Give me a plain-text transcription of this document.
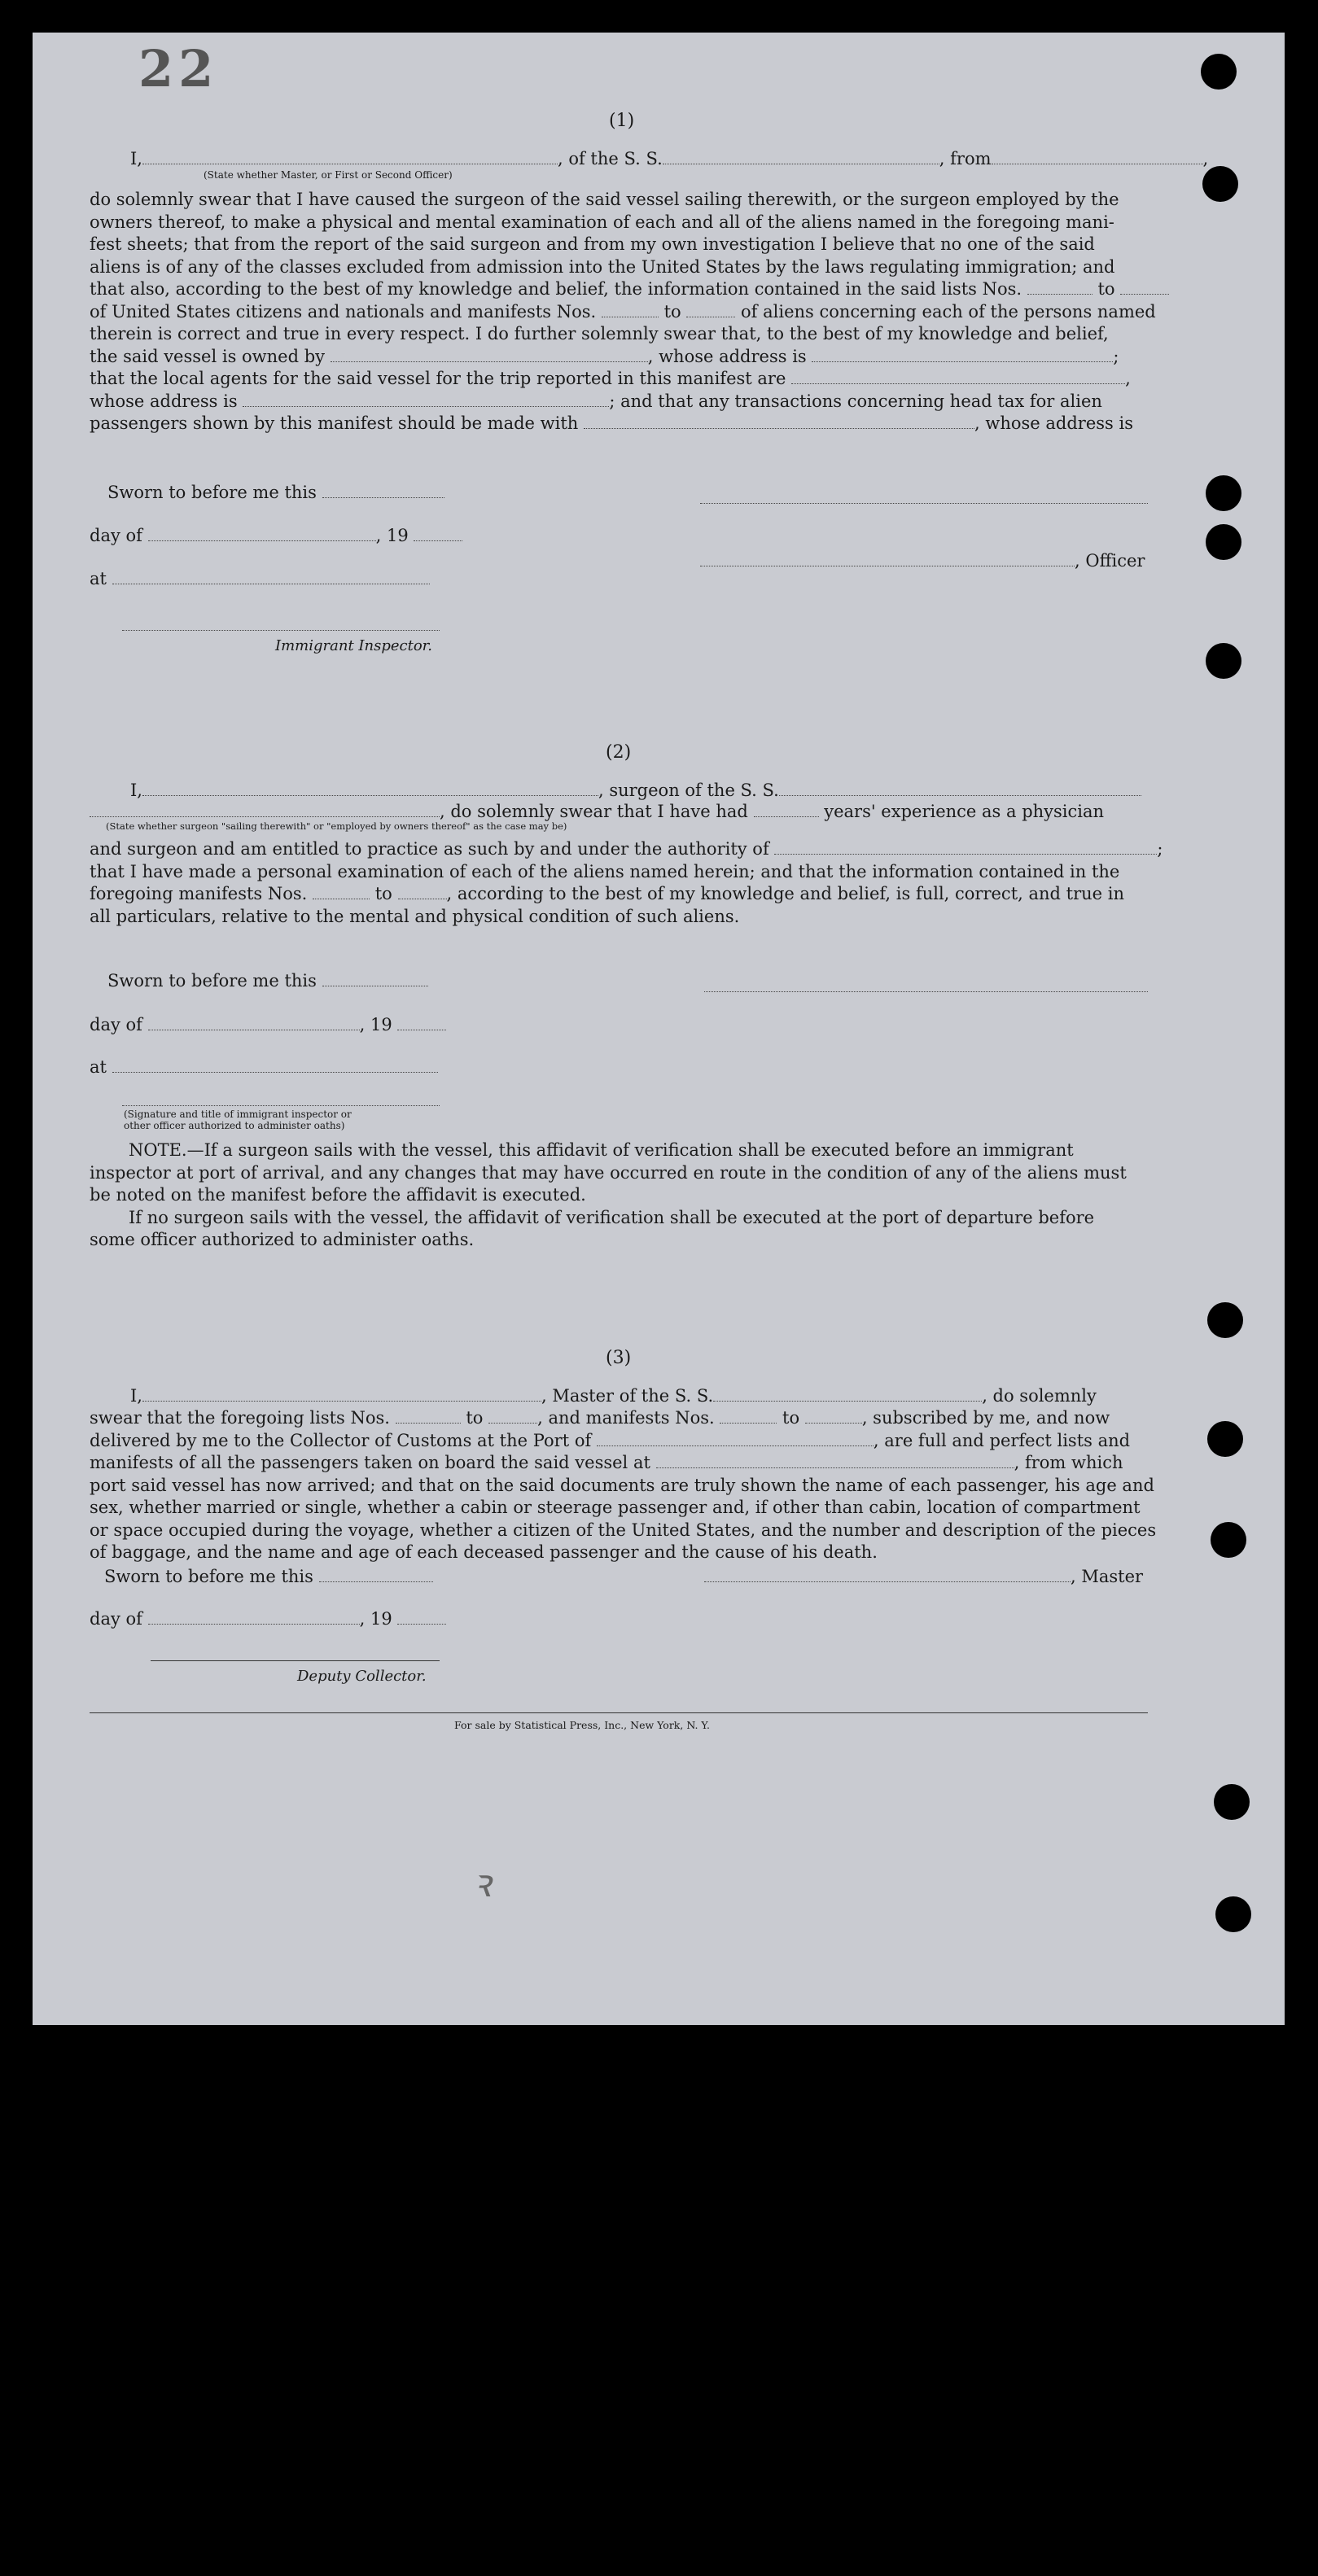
22
ꝛ
(1)
I,	, of the S. S.	, from	,
(State whether Master, or First or Second Officer)
do solemnly swear that I have caused the surgeon of the said vessel sailing therewith, or the surgeon employed by the
owners thereof, to make a physical and mental examination of each and all of the aliens named in the foregoing mani-
fest sheets; that from the report of the said surgeon and from my own investigation I believe that no one of the said
aliens is of any of the classes excluded from admission into the United States by the laws regulating immigration; and
that also, according to the best of my knowledge and belief, the information contained in the said lists Nos.	to
of United States citizens and nationals and manifests Nos.	to	of aliens concerning each of the persons named
therein is correct and true in every respect. I do further solemnly swear that, to the best of my knowledge and belief,
the said vessel is owned by	, whose address is	;
that the local agents for the said vessel for the trip reported in this manifest are	,
whose address is	; and that any transactions concerning head tax for alien
passengers shown by this manifest should be made with	, whose address is
Sworn to before me this
day of	, 19
, Officer
at
Immigrant Inspector.
(2)
I,	, surgeon of the S. S.
, do solemnly swear that I have had	years' experience as a physician
(State whether surgeon "sailing therewith" or "employed by owners thereof" as the case may be)
and surgeon and am entitled to practice as such by and under the authority of	;
that I have made a personal examination of each of the aliens named herein; and that the information contained in the
foregoing manifests Nos.	to	, according to the best of my knowledge and belief, is full, correct, and true in
all particulars, relative to the mental and physical condition of such aliens.
Sworn to before me this
day of	, 19
at
(Signature and title of immigrant inspector or
other officer authorized to administer oaths)
NOTE.—If a surgeon sails with the vessel, this affidavit of verification shall be executed before an immigrant
inspector at port of arrival, and any changes that may have occurred en route in the condition of any of the aliens must
be noted on the manifest before the affidavit is executed.
If no surgeon sails with the vessel, the affidavit of verification shall be executed at the port of departure before
some officer authorized to administer oaths.
(3)
I,	, Master of the S. S.	, do solemnly
swear that the foregoing lists Nos.	to	, and manifests Nos.	to	, subscribed by me, and now
delivered by me to the Collector of Customs at the Port of	, are full and perfect lists and
manifests of all the passengers taken on board the said vessel at	, from which
port said vessel has now arrived; and that on the said documents are truly shown the name of each passenger, his age and
sex, whether married or single, whether a cabin or steerage passenger and, if other than cabin, location of compartment
or space occupied during the voyage, whether a citizen of the United States, and the number and description of the pieces
of baggage, and the name and age of each deceased passenger and the cause of his death.
Sworn to before me this	, Master
day of	, 19
Deputy Collector.
For sale by Statistical Press, Inc., New York, N. Y.
